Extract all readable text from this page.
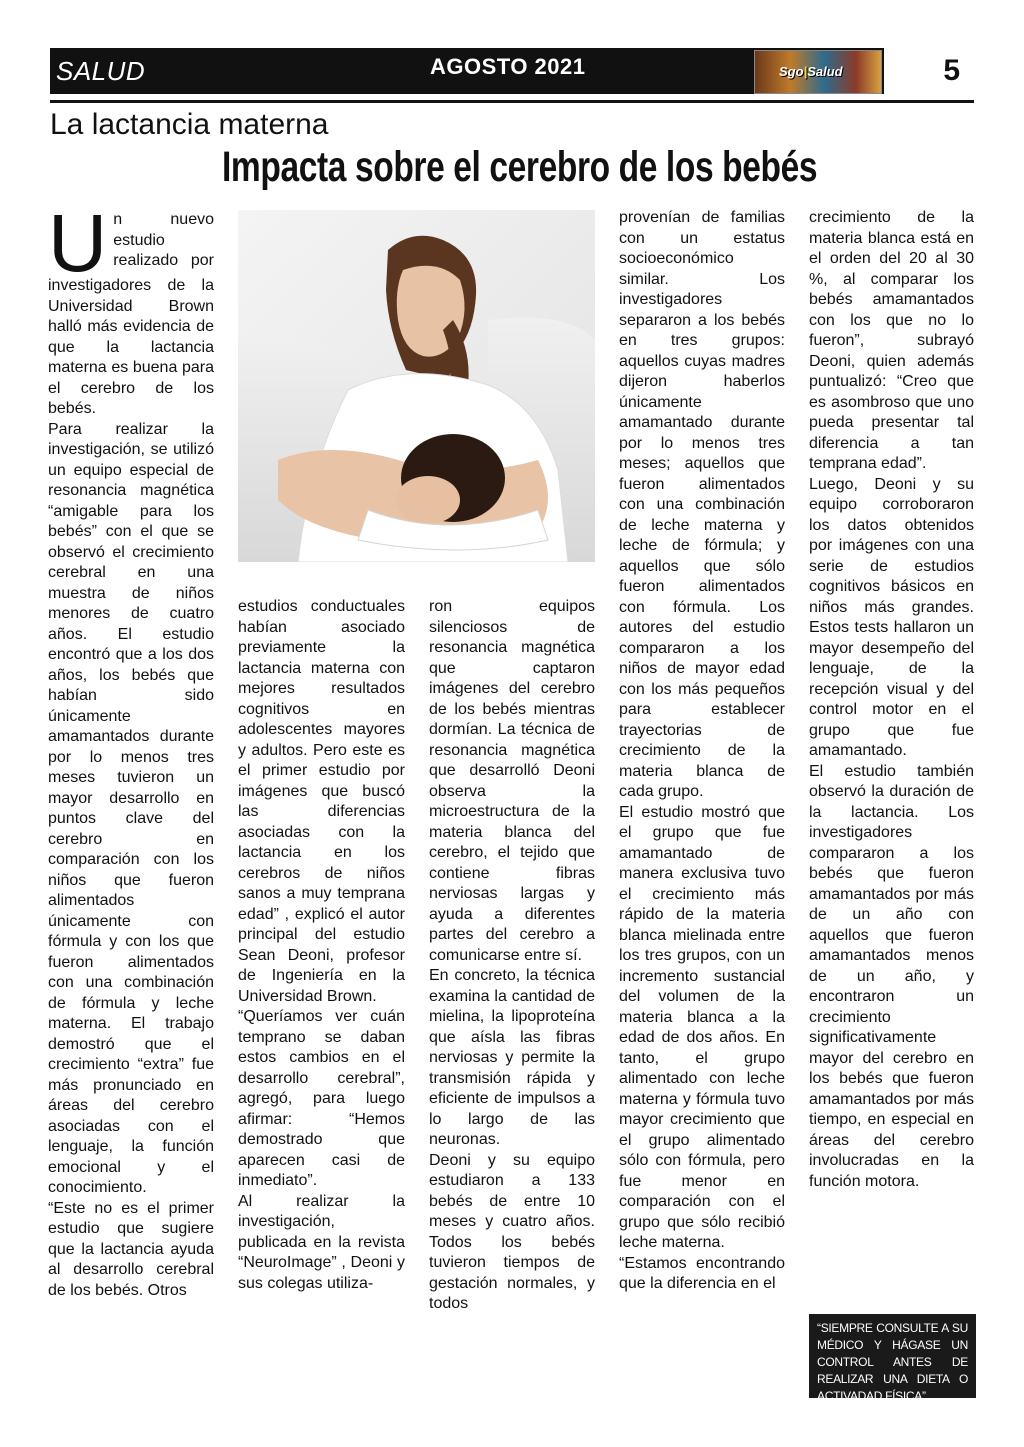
SALUD	AGOSTO 2021	Sgo|Salud	5
La lactancia materna
Impacta sobre el cerebro de los bebés
U n nuevo estudio realizado por investigadores de la Universidad Brown halló más evidencia de que la lactancia materna es buena para el cerebro de los bebés.

Para realizar la investigación, se utilizó un equipo especial de resonancia magnética “amigable para los bebés” con el que se observó el crecimiento cerebral en una muestra de niños menores de cuatro años. El estudio encontró que a los dos años, los bebés que habían sido únicamente amamantados durante por lo menos tres meses tuvieron un mayor desarrollo en puntos clave del cerebro en comparación con los niños que fueron alimentados únicamente con fórmula y con los que fueron alimentados con una combinación de fórmula y leche materna. El trabajo demostró que el crecimiento “extra” fue más pronunciado en áreas del cerebro asociadas con el lenguaje, la función emocional y el conocimiento.

“Este no es el primer estudio que sugiere que la lactancia ayuda al desarrollo cerebral de los bebés. Otros

estudios conductuales habían asociado previamente la lactancia materna con mejores resultados cognitivos en adolescentes mayores y adultos. Pero este es el primer estudio por imágenes que buscó las diferencias asociadas con la lactancia en los cerebros de niños sanos a muy temprana edad” , explicó el autor principal del estudio Sean Deoni, profesor de Ingeniería en la Universidad Brown.

“Queríamos ver cuán temprano se daban estos cambios en el desarrollo cerebral”, agregó, para luego afirmar: “Hemos demostrado que aparecen casi de inmediato”.

Al realizar la investigación, publicada en la revista “NeuroImage” , Deoni y sus colegas utiliza-

ron equipos silenciosos de resonancia magnética que captaron imágenes del cerebro de los bebés mientras dormían. La técnica de resonancia magnética que desarrolló Deoni observa la microestructura de la materia blanca del cerebro, el tejido que contiene fibras nerviosas largas y ayuda a diferentes partes del cerebro a comunicarse entre sí.

En concreto, la técnica examina la cantidad de mielina, la lipoproteína que aísla las fibras nerviosas y permite la transmisión rápida y eficiente de impulsos a lo largo de las neuronas.

Deoni y su equipo estudiaron a 133 bebés de entre 10 meses y cuatro años. Todos los bebés tuvieron tiempos de gestación normales, y todos

provenían de familias con un estatus socioeconómico similar. Los investigadores separaron a los bebés en tres grupos: aquellos cuyas madres dijeron haberlos únicamente amamantado durante por lo menos tres meses; aquellos que fueron alimentados con una combinación de leche materna y leche de fórmula; y aquellos que sólo fueron alimentados con fórmula. Los autores del estudio compararon a los niños de mayor edad con los más pequeños para establecer trayectorias de crecimiento de la materia blanca de cada grupo.

El estudio mostró que el grupo que fue amamantado de manera exclusiva tuvo el crecimiento más rápido de la materia blanca mielinada entre los tres grupos, con un incremento sustancial del volumen de la materia blanca a la edad de dos años. En tanto, el grupo alimentado con leche materna y fórmula tuvo mayor crecimiento que el grupo alimentado sólo con fórmula, pero fue menor en comparación con el grupo que sólo recibió leche materna.

“Estamos encontrando que la diferencia en el

crecimiento de la materia blanca está en el orden del 20 al 30 %, al comparar los bebés amamantados con los que no lo fueron”, subrayó Deoni, quien además puntualizó: “Creo que es asombroso que uno pueda presentar tal diferencia a tan temprana edad”.

Luego, Deoni y su equipo corroboraron los datos obtenidos por imágenes con una serie de estudios cognitivos básicos en niños más grandes. Estos tests hallaron un mayor desempeño del lenguaje, de la recepción visual y del control motor en el grupo que fue amamantado.

El estudio también observó la duración de la lactancia. Los investigadores compararon a los bebés que fueron amamantados por más de un año con aquellos que fueron amamantados menos de un año, y encontraron un crecimiento significativamente mayor del cerebro en los bebés que fueron amamantados por más tiempo, en especial en áreas del cerebro involucradas en la función motora.

“SIEMPRE CONSULTE A SU MÉDICO Y HÁGASE UN CONTROL ANTES DE REALIZAR UNA DIETA O ACTIVADAD FÍSICA”
